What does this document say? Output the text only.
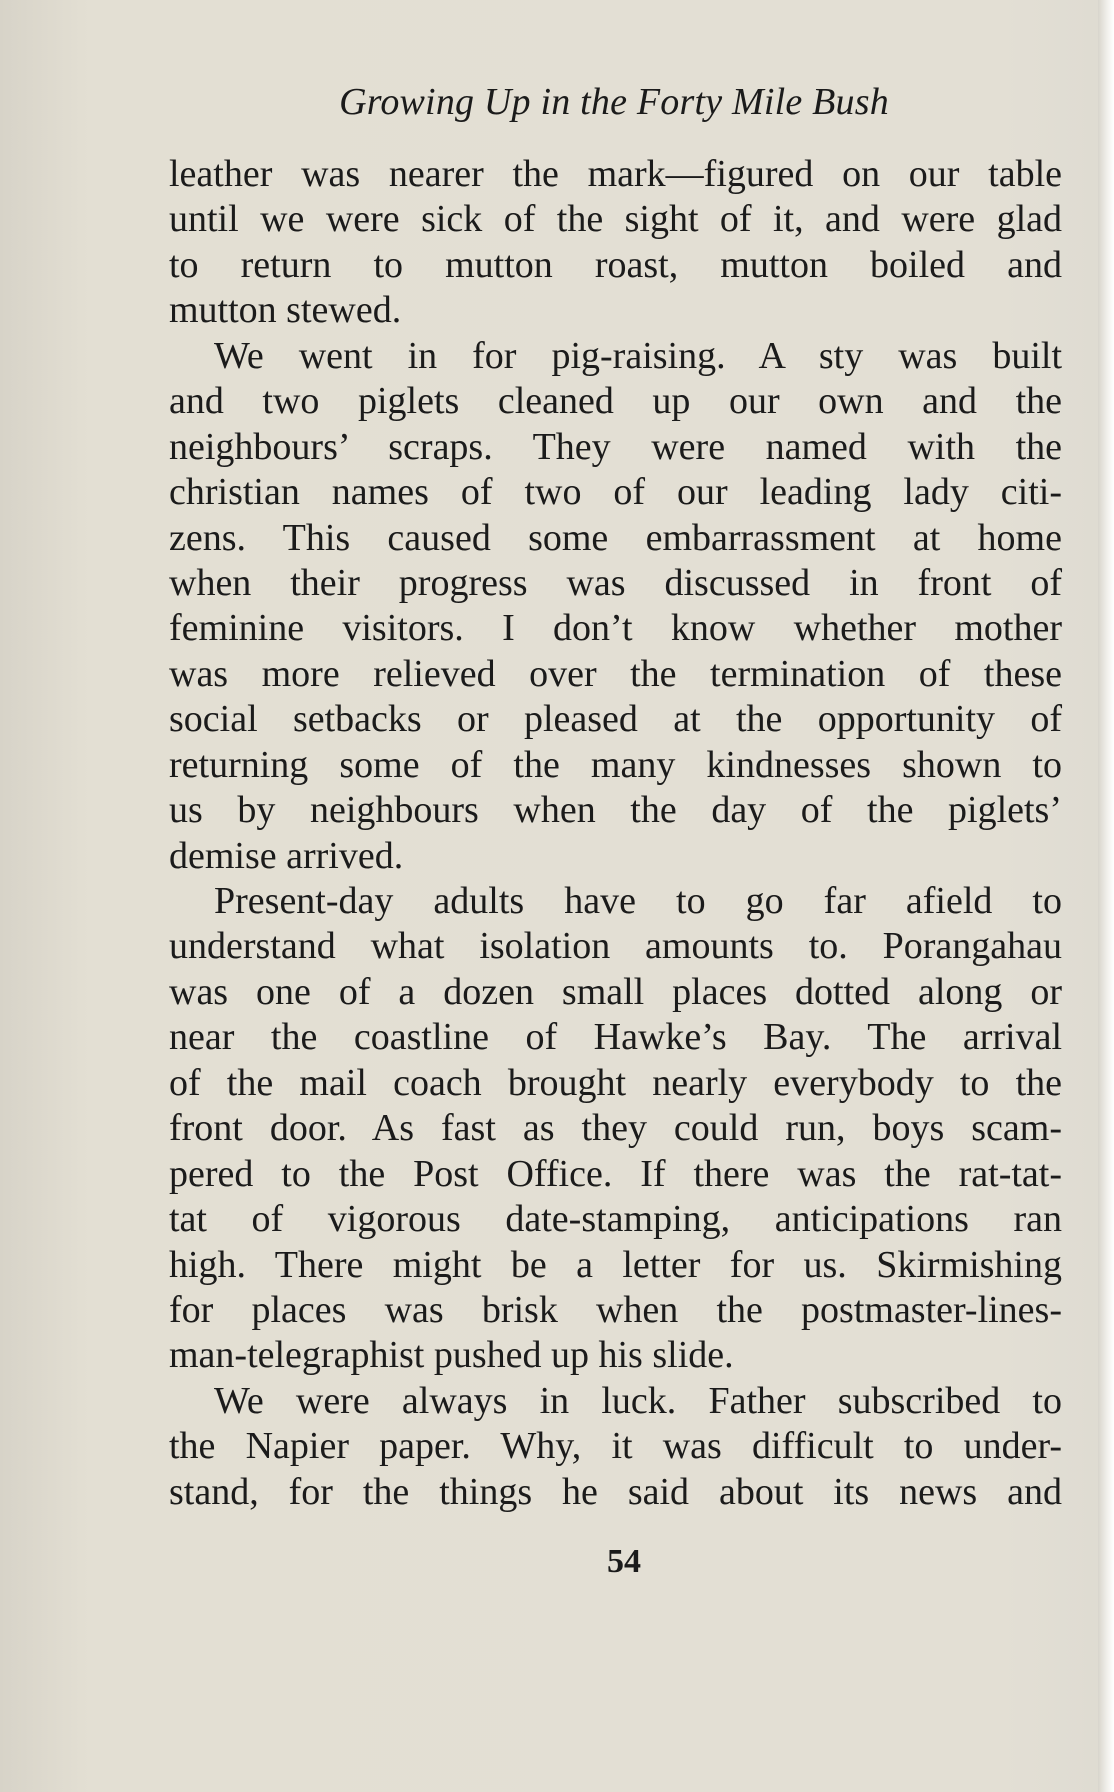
Growing Up in the Forty Mile Bush
leather was nearer the mark—figured on our table
until we were sick of the sight of it, and were glad
to return to mutton roast, mutton boiled and
mutton stewed.
We went in for pig-raising. A sty was built
and two piglets cleaned up our own and the
neighbours’ scraps. They were named with the
christian names of two of our leading lady citi-
zens. This caused some embarrassment at home
when their progress was discussed in front of
feminine visitors. I don’t know whether mother
was more relieved over the termination of these
social setbacks or pleased at the opportunity of
returning some of the many kindnesses shown to
us by neighbours when the day of the piglets’
demise arrived.
Present-day adults have to go far afield to
understand what isolation amounts to. Porangahau
was one of a dozen small places dotted along or
near the coastline of Hawke’s Bay. The arrival
of the mail coach brought nearly everybody to the
front door. As fast as they could run, boys scam-
pered to the Post Office. If there was the rat-tat-
tat of vigorous date-stamping, anticipations ran
high. There might be a letter for us. Skirmishing
for places was brisk when the postmaster-lines-
man-telegraphist pushed up his slide.
We were always in luck. Father subscribed to
the Napier paper. Why, it was difficult to under-
stand, for the things he said about its news and
54
